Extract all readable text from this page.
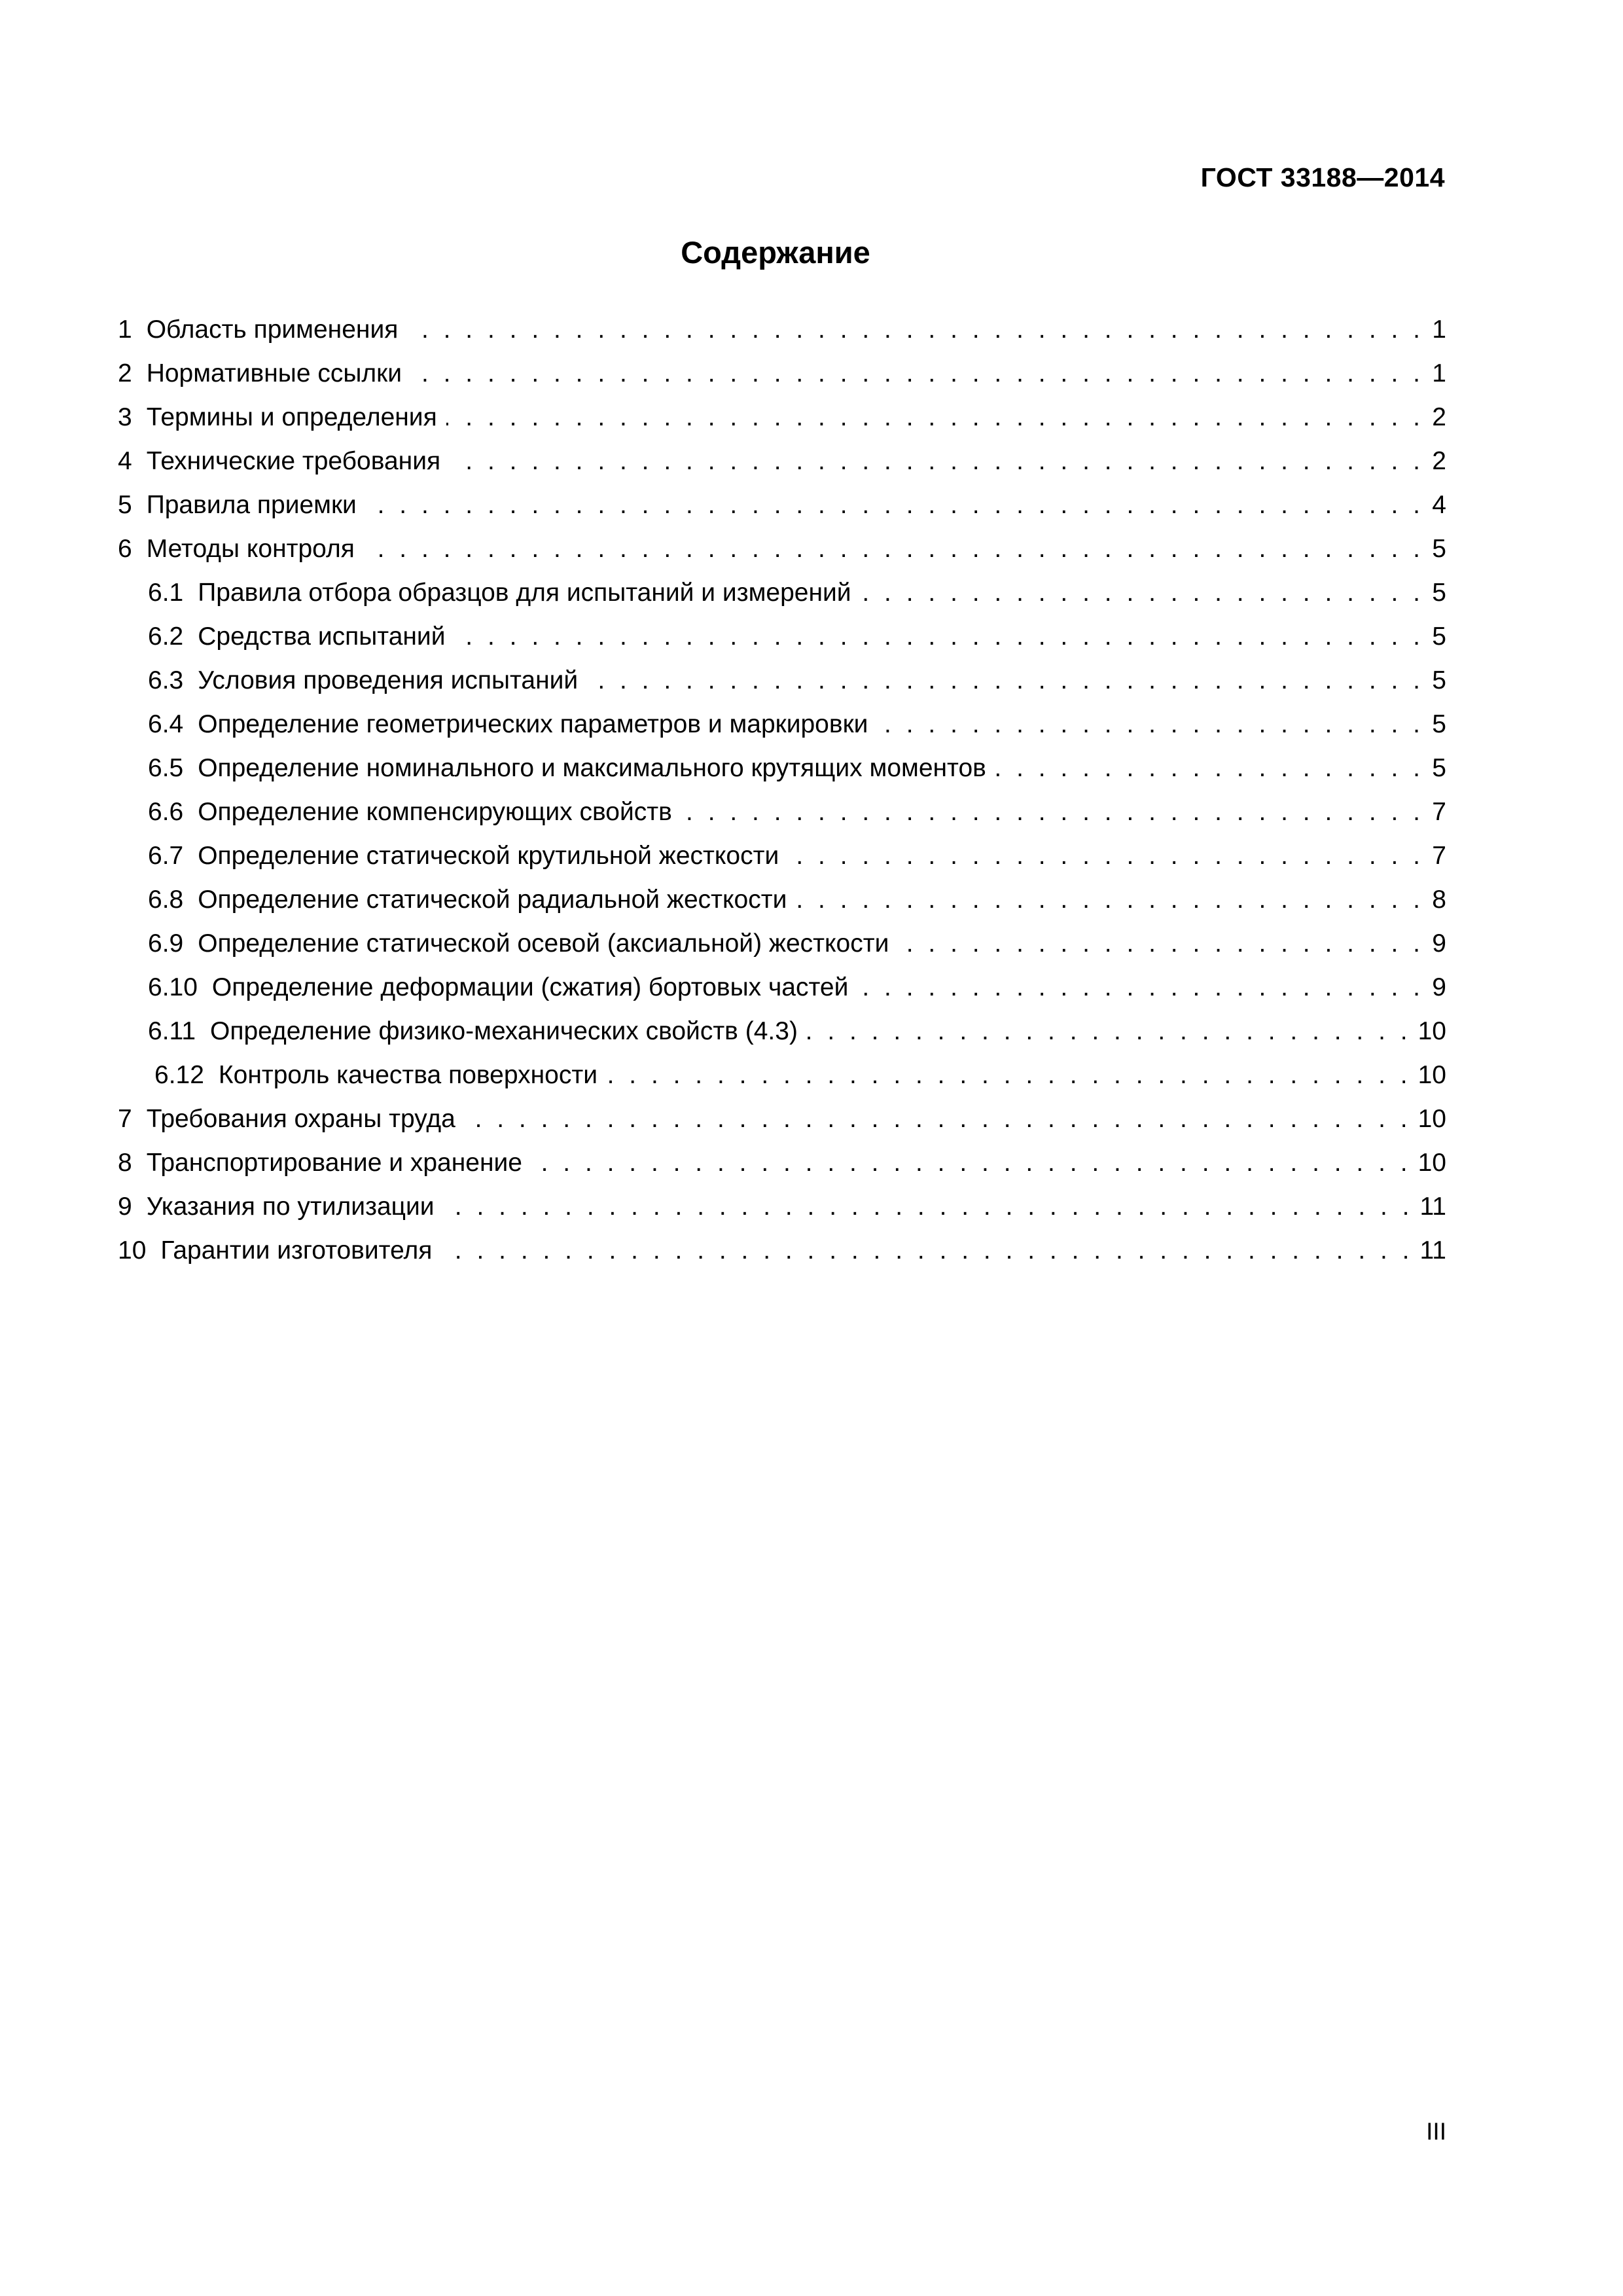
ГОСТ 33188—2014
Содержание
1 Область применения . . .	1
2 Нормативные ссылки . . .	1
3 Термины и определения . . .	2
4 Технические требования . . .	2
5 Правила приемки . . .	4
6 Методы контроля . . .	5
6.1 Правила отбора образцов для испытаний и измерений . . .	5
6.2 Средства испытаний . . .	5
6.3 Условия проведения испытаний . . .	5
6.4 Определение геометрических параметров и маркировки . . .	5
6.5 Определение номинального и максимального крутящих моментов . . .	5
6.6 Определение компенсирующих свойств . . .	7
6.7 Определение статической крутильной жесткости . . .	7
6.8 Определение статической радиальной жесткости . . .	8
6.9 Определение статической осевой (аксиальной) жесткости . . .	9
6.10 Определение деформации (сжатия) бортовых частей . . .	9
6.11 Определение физико-механических свойств (4.3) . . .	10
6.12 Контроль качества поверхности . . .	10
7 Требования охраны труда . . .	10
8 Транспортирование и хранение . . .	10
9 Указания по утилизации . . .	11
10 Гарантии изготовителя . . .	11
III
